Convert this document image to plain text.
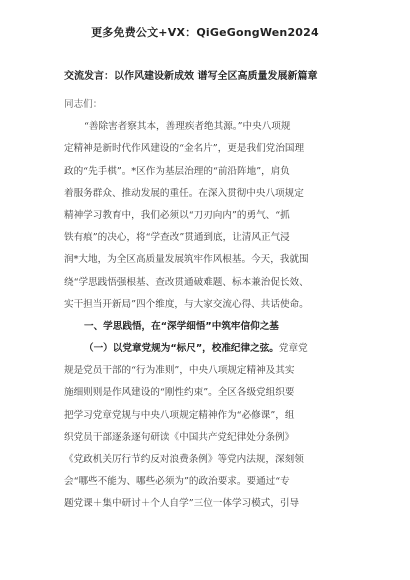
更多免费公文+VX：QiGeGongWen2024
交流发言：以作风建设新成效 谱写全区高质量发展新篇章
同志们：
“善除害者察其本，善理疾者绝其源。”中央八项规
定精神是新时代作风建设的“金名片”，更是我们党治国理
政的“先手棋”。*区作为基层治理的“前沿阵地”，肩负
着服务群众、推动发展的重任。在深入贯彻中央八项规定
精神学习教育中，我们必须以“刀刃向内”的勇气、“抓
铁有痕”的决心，将“学查改”贯通到底，让清风正气浸
润*大地，为全区高质量发展筑牢作风根基。今天，我就围
绕“学思践悟强根基、查改贯通破难题、标本兼治促长效、
实干担当开新局”四个维度，与大家交流心得、共话使命。
一、学思践悟，在“深学细悟”中筑牢信仰之基
（一）以党章党规为“标尺”，校准纪律之弦。党章党
规是党员干部的“行为准则”，中央八项规定精神及其实
施细则则是作风建设的“刚性约束”。全区各级党组织要
把学习党章党规与中央八项规定精神作为“必修课”，组
织党员干部逐条逐句研读《中国共产党纪律处分条例》
《党政机关厉行节约反对浪费条例》等党内法规，深刻领
会“哪些不能为、哪些必须为”的政治要求。要通过“专
题党课＋集中研讨＋个人自学”三位一体学习模式，引导
